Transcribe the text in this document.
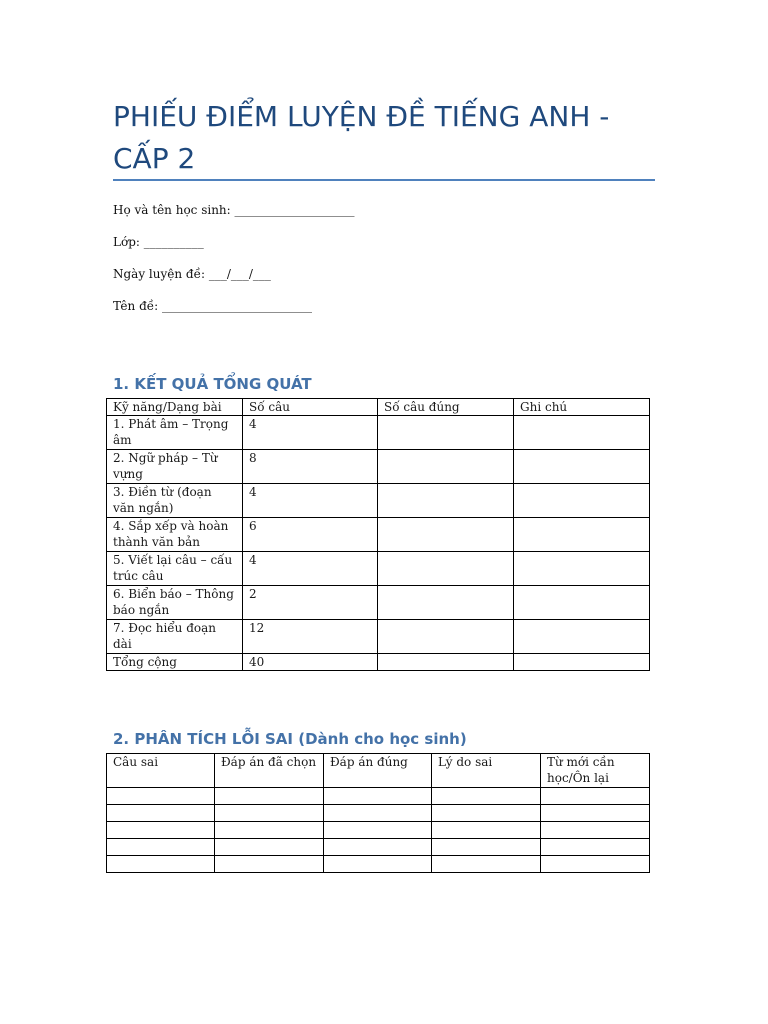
PHIẾU ĐIỂM LUYỆN ĐỀ TIẾNG ANH - CẤP 2
Họ và tên học sinh: ____________________
Lớp: __________
Ngày luyện đề: ___/___/___
Tên đề: _________________________
1. KẾT QUẢ TỔNG QUÁT
Kỹ năng/Dạng bài	Số câu	Số câu đúng	Ghi chú
1. Phát âm – Trọng âm	4		
2. Ngữ pháp – Từ vựng	8		
3. Điền từ (đoạn văn ngắn)	4		
4. Sắp xếp và hoàn thành văn bản	6		
5. Viết lại câu – cấu trúc câu	4		
6. Biển báo – Thông báo ngắn	2		
7. Đọc hiểu đoạn dài	12		
Tổng cộng	40		
2. PHÂN TÍCH LỖI SAI (Dành cho học sinh)
Câu sai	Đáp án đã chọn	Đáp án đúng	Lý do sai	Từ mới cần học/Ôn lại
